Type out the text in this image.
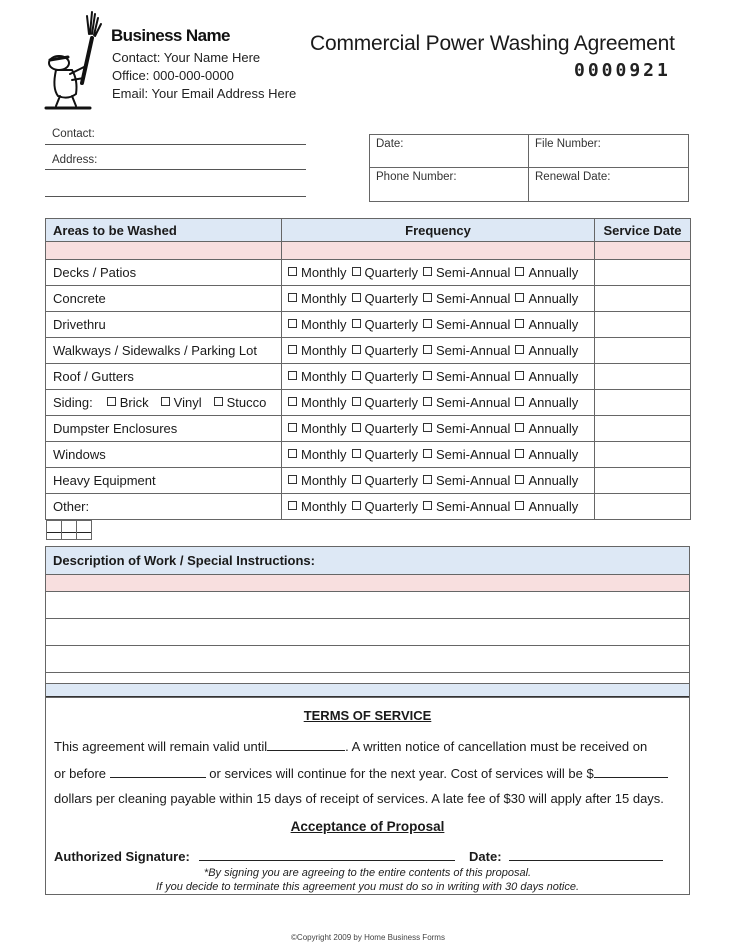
Business Name
Contact: Your Name Here
Office: 000-000-0000
Email: Your Email Address Here
Commercial Power Washing Agreement
0000921
Contact:
Address:
Date:	File Number:
Phone Number:	Renewal Date:
Areas to be Washed	Frequency	Service Date

Decks / Patios	Monthly Quarterly Semi-Annual Annually	
Concrete	Monthly Quarterly Semi-Annual Annually	
Drivethru	Monthly Quarterly Semi-Annual Annually	
Walkways / Sidewalks / Parking Lot	Monthly Quarterly Semi-Annual Annually	
Roof / Gutters	Monthly Quarterly Semi-Annual Annually	
Siding: Brick Vinyl Stucco	Monthly Quarterly Semi-Annual Annually	
Dumpster Enclosures	Monthly Quarterly Semi-Annual Annually	
Windows	Monthly Quarterly Semi-Annual Annually	
Heavy Equipment	Monthly Quarterly Semi-Annual Annually	
Other:	Monthly Quarterly Semi-Annual Annually	

Description of Work / Special Instructions:
TERMS OF SERVICE
This agreement will remain valid until	. A written notice of cancellation must be received on
or before	or services will continue for the next year. Cost of services will be $
dollars per cleaning payable within 15 days of receipt of services. A late fee of $30 will apply after 15 days.
Acceptance of Proposal
Authorized Signature:	Date:
*By signing you are agreeing to the entire contents of this proposal.
If you decide to terminate this agreement you must do so in writing with 30 days notice.
©Copyright 2009 by Home Business Forms
